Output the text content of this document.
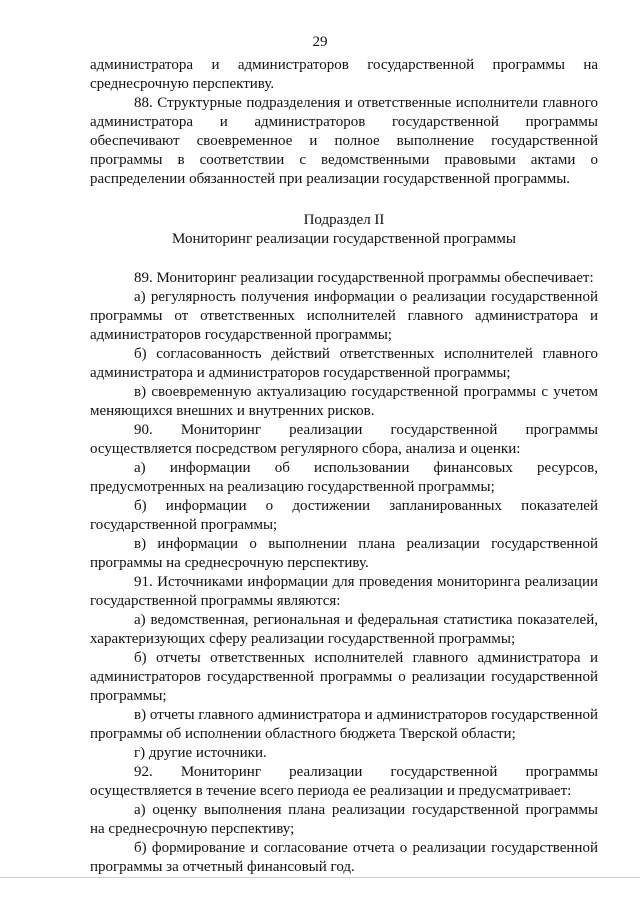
29

администратора и администраторов государственной программы на среднесрочную перспективу.

88. Структурные подразделения и ответственные исполнители главного администратора и администраторов государственной программы обеспечивают своевременное и полное выполнение государственной программы в соответствии с ведомственными правовыми актами о распределении обязанностей при реализации государственной программы.

Подраздел II

Мониторинг реализации государственной программы

89. Мониторинг реализации государственной программы обеспечивает:

а) регулярность получения информации о реализации государственной программы от ответственных исполнителей главного администратора и администраторов государственной программы;

б) согласованность действий ответственных исполнителей главного администратора и администраторов государственной программы;

в) своевременную актуализацию государственной программы с учетом меняющихся внешних и внутренних рисков.

90. Мониторинг реализации государственной программы осуществляется посредством регулярного сбора, анализа и оценки:

а) информации об использовании финансовых ресурсов, предусмотренных на реализацию государственной программы;

б) информации о достижении запланированных показателей государственной программы;

в) информации о выполнении плана реализации государственной программы на среднесрочную перспективу.

91. Источниками информации для проведения мониторинга реализации государственной программы являются:

а) ведомственная, региональная и федеральная статистика показателей, характеризующих сферу реализации государственной программы;

б) отчеты ответственных исполнителей главного администратора и администраторов государственной программы о реализации государственной программы;

в) отчеты главного администратора и администраторов государственной программы об исполнении областного бюджета Тверской области;

г) другие источники.

92. Мониторинг реализации государственной программы осуществляется в течение всего периода ее реализации и предусматривает:

а) оценку выполнения плана реализации государственной программы на среднесрочную перспективу;

б) формирование и согласование отчета о реализации государственной программы за отчетный финансовый год.
